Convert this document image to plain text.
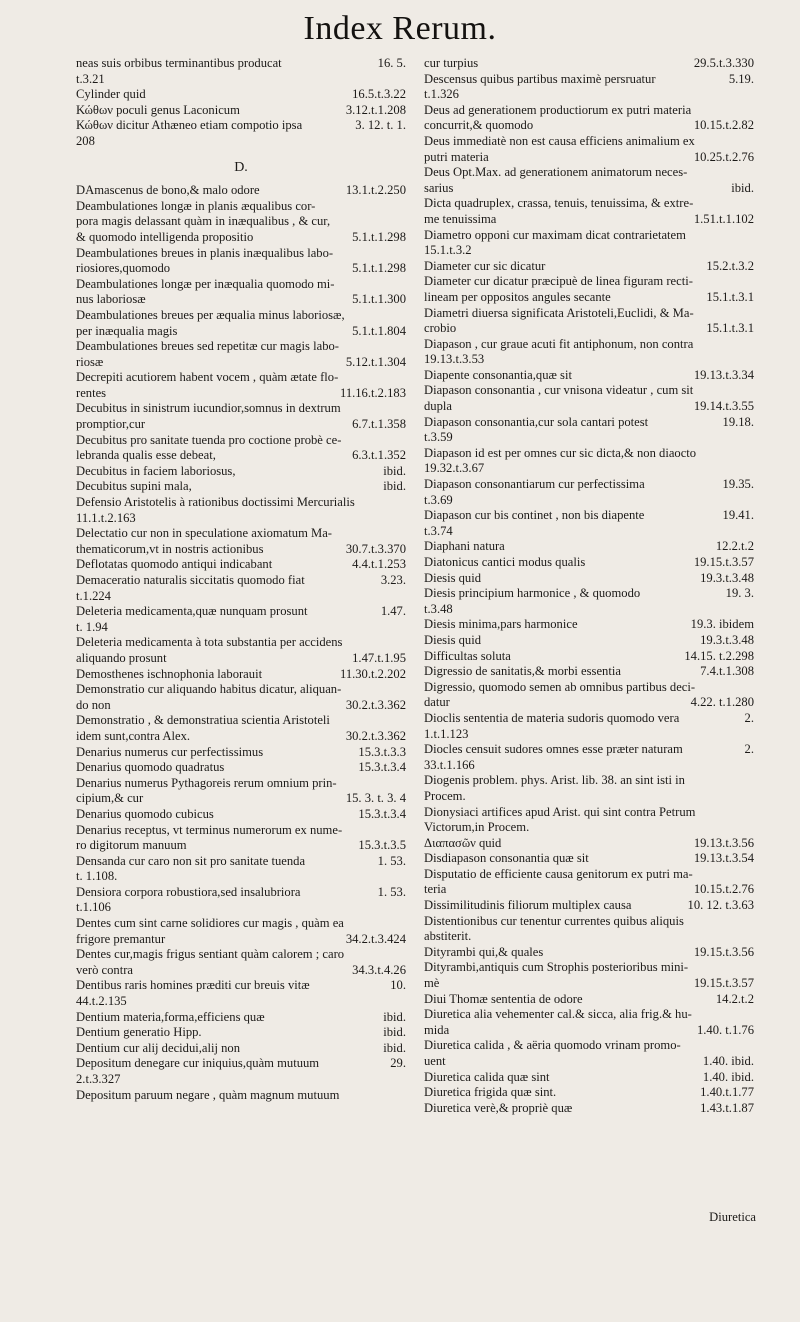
Index Rerum.
neas suis orbibus terminantibus producat	16. 5.
t.3.21
Cylinder quid	16.5.t.3.22
Κώθων poculi genus Laconicum	3.12.t.1.208
Κώθων dicitur Athæneo etiam compotio ipsa	3. 12. t. 1.
208
D.
DAmascenus de bono,& malo odore	13.1.t.2.250
Deambulationes longæ in planis æqualibus cor-
pora magis delassant quàm in inæqualibus , & cur,
& quomodo intelligenda propositio	5.1.t.1.298
Deambulationes breues in planis inæqualibus labo-
riosiores,quomodo	5.1.t.1.298
Deambulationes longæ per inæqualia quomodo mi-
nus laboriosæ	5.1.t.1.300
Deambulationes breues per æqualia minus laboriosæ,
per inæqualia magis	5.1.t.1.804
Deambulationes breues sed repetitæ cur magis labo-
riosæ	5.12.t.1.304
Decrepiti acutiorem habent vocem , quàm ætate flo-
rentes	11.16.t.2.183
Decubitus in sinistrum iucundior,somnus in dextrum
promptior,cur	6.7.t.1.358
Decubitus pro sanitate tuenda pro coctione probè ce-
lebranda qualis esse debeat,	6.3.t.1.352
Decubitus in faciem laboriosus,	ibid.
Decubitus supini mala,	ibid.
Defensio Aristotelis à rationibus doctissimi Mercurialis
11.1.t.2.163
Delectatio cur non in speculatione axiomatum Ma-
thematicorum,vt in nostris actionibus	30.7.t.3.370
Deflotatas quomodo antiqui indicabant	4.4.t.1.253
Demaceratio naturalis siccitatis quomodo fiat	3.23.
t.1.224
Deleteria medicamenta,quæ nunquam prosunt	1.47.
t. 1.94
Deleteria medicamenta à tota substantia per accidens
aliquando prosunt	1.47.t.1.95
Demosthenes ischnophonia laborauit	11.30.t.2.202
Demonstratio cur aliquando habitus dicatur, aliquan-
do non	30.2.t.3.362
Demonstratio , & demonstratiua scientia Aristoteli
idem sunt,contra Alex.	30.2.t.3.362
Denarius numerus cur perfectissimus	15.3.t.3.3
Denarius quomodo quadratus	15.3.t.3.4
Denarius numerus Pythagoreis rerum omnium prin-
cipium,& cur	15. 3. t. 3. 4
Denarius quomodo cubicus	15.3.t.3.4
Denarius receptus, vt terminus numerorum ex nume-
ro digitorum manuum	15.3.t.3.5
Densanda cur caro non sit pro sanitate tuenda	1. 53.
t. 1.108.
Densiora corpora robustiora,sed insalubriora	1. 53.
t.1.106
Dentes cum sint carne solidiores cur magis , quàm ea
frigore premantur	34.2.t.3.424
Dentes cur,magis frigus sentiant quàm calorem ; caro
verò contra	34.3.t.4.26
Dentibus raris homines præditi cur breuis vitæ	10.
44.t.2.135
Dentium materia,forma,efficiens quæ	ibid.
Dentium generatio Hipp.	ibid.
Dentium cur alij decidui,alij non	ibid.
Depositum denegare cur iniquius,quàm mutuum	29.
2.t.3.327
Depositum paruum negare , quàm magnum mutuum
cur turpius	29.5.t.3.330
Descensus quibus partibus maximè persruatur	5.19.
t.1.326
Deus ad generationem productiorum ex putri materia
concurrit,& quomodo	10.15.t.2.82
Deus immediatè non est causa efficiens animalium ex
putri materia	10.25.t.2.76
Deus Opt.Max. ad generationem animatorum neces-
sarius	ibid.
Dicta quadruplex, crassa, tenuis, tenuissima, & extre-
me tenuissima	1.51.t.1.102
Diametro opponi cur maximam dicat contrarietatem
15.1.t.3.2
Diameter cur sic dicatur	15.2.t.3.2
Diameter cur dicatur præcipuè de linea figuram recti-
lineam per oppositos angules secante	15.1.t.3.1
Diametri diuersa significata Aristoteli,Euclidi, & Ma-
crobio	15.1.t.3.1
Diapason , cur graue acuti fit antiphonum, non contra
19.13.t.3.53
Diapente consonantia,quæ sit	19.13.t.3.34
Diapason consonantia , cur vnisona videatur , cum sit
dupla	19.14.t.3.55
Diapason consonantia,cur sola cantari potest	19.18.
t.3.59
Diapason id est per omnes cur sic dicta,& non diaocto
19.32.t.3.67
Diapason consonantiarum cur perfectissima	19.35.
t.3.69
Diapason cur bis continet , non bis diapente	19.41.
t.3.74
Diaphani natura	12.2.t.2
Diatonicus cantici modus qualis	19.15.t.3.57
Diesis quid	19.3.t.3.48
Diesis principium harmonice , & quomodo	19. 3.
t.3.48
Diesis minima,pars harmonice	19.3. ibidem
Diesis quid	19.3.t.3.48
Difficultas soluta	14.15. t.2.298
Digressio de sanitatis,& morbi essentia	7.4.t.1.308
Digressio, quomodo semen ab omnibus partibus deci-
datur	4.22. t.1.280
Dioclis sententia de materia sudoris quomodo vera	2.
1.t.1.123
Diocles censuit sudores omnes esse præter naturam	2.
33.t.1.166
Diogenis problem. phys. Arist. lib. 38. an sint isti in
Procem.
Dionysiaci artifices apud Arist. qui sint contra Petrum
Victorum,in Procem.
Διαπασῶν quid	19.13.t.3.56
Disdiapason consonantia quæ sit	19.13.t.3.54
Disputatio de efficiente causa genitorum ex putri ma-
teria	10.15.t.2.76
Dissimilitudinis filiorum multiplex causa	10. 12. t.3.63
Distentionibus cur tenentur currentes quibus aliquis
abstiterit.
Dityrambi qui,& quales	19.15.t.3.56
Dityrambi,antiquis cum Strophis posterioribus mini-
mè	19.15.t.3.57
Diui Thomæ sententia de odore	14.2.t.2
Diuretica alia vehementer cal.& sicca, alia frig.& hu-
mida	1.40. t.1.76
Diuretica calida , & aëria quomodo vrinam promo-
uent	1.40. ibid.
Diuretica calida quæ sint	1.40. ibid.
Diuretica frigida quæ sint.	1.40.t.1.77
Diuretica verè,& propriè quæ	1.43.t.1.87
Diuretica
